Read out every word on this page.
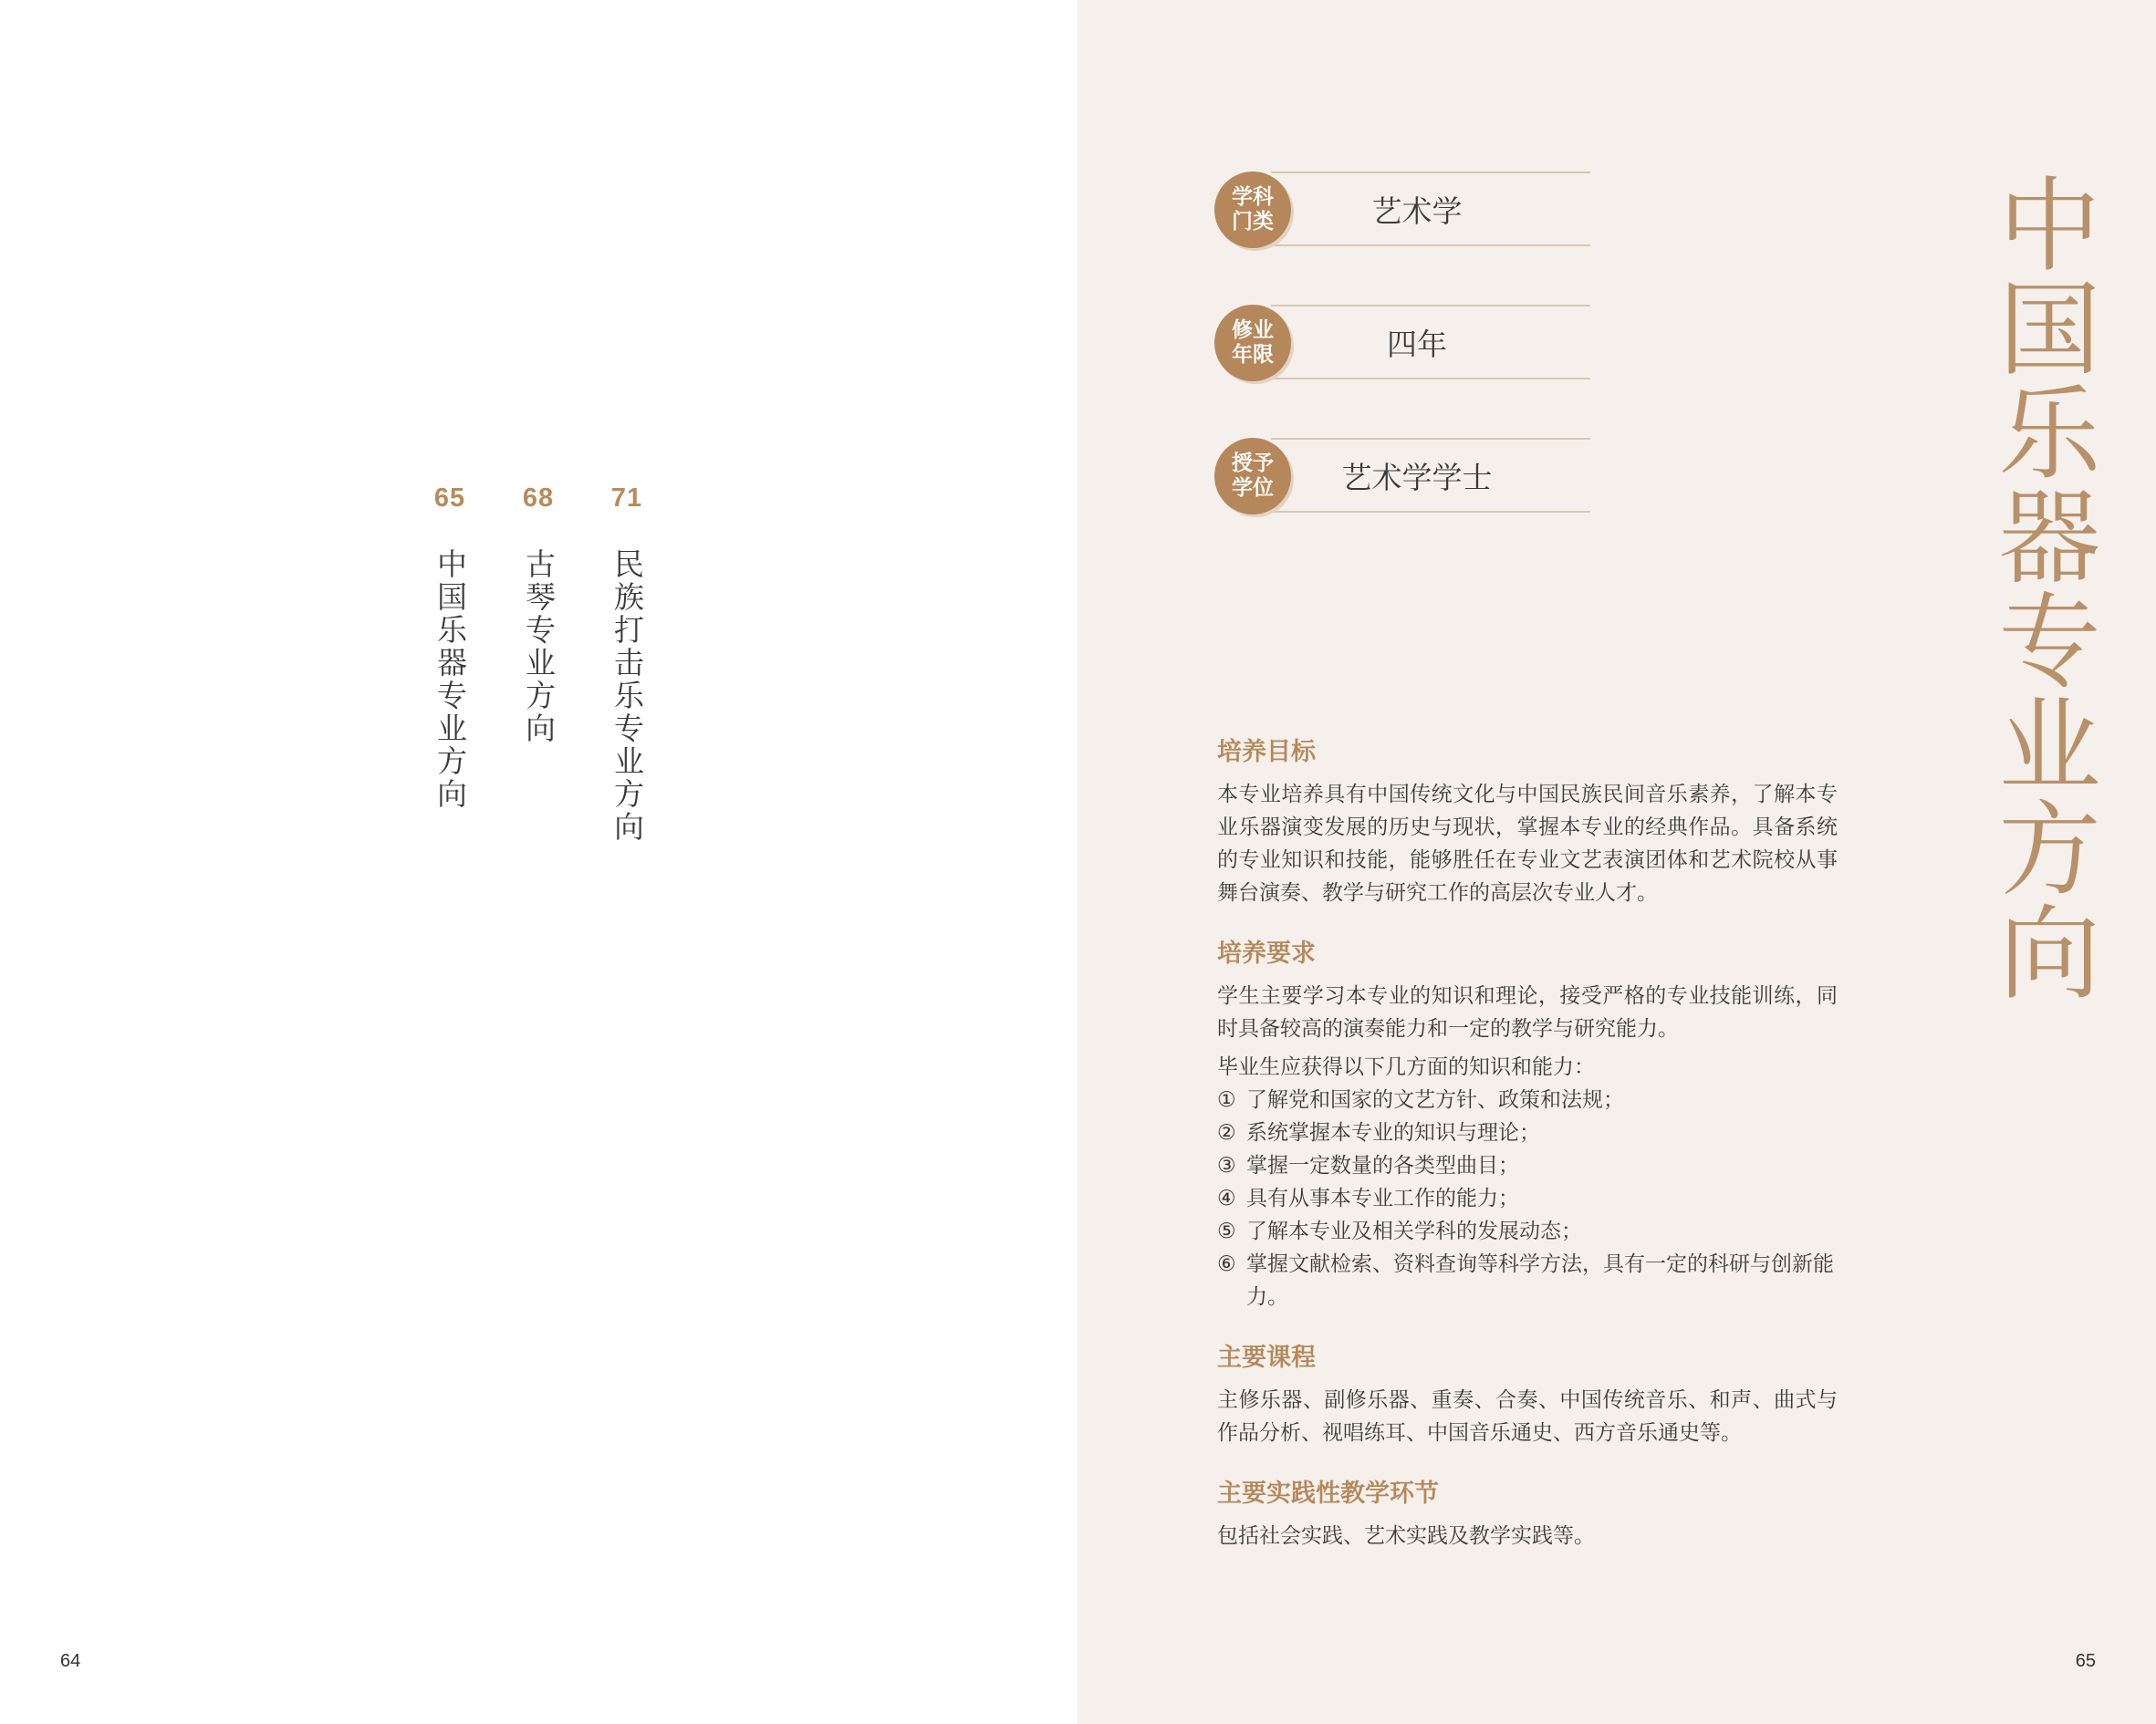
65
中国乐器专业方向
68
古琴专业方向
71
民族打击乐专业方向
64
学科门类	艺术学
修业年限	四年
授予学位	艺术学学士	中国乐器专业方向
培养目标

本专业培养具有中国传统文化与中国民族民间音乐素养，了解本专业乐器演变发展的历史与现状，掌握本专业的经典作品。具备系统的专业知识和技能，能够胜任在专业文艺表演团体和艺术院校从事舞台演奏、教学与研究工作的高层次专业人才。

培养要求

学生主要学习本专业的知识和理论，接受严格的专业技能训练，同时具备较高的演奏能力和一定的教学与研究能力。

毕业生应获得以下几方面的知识和能力：

① 了解党和国家的文艺方针、政策和法规；
② 系统掌握本专业的知识与理论；
③ 掌握一定数量的各类型曲目；
④ 具有从事本专业工作的能力；
⑤ 了解本专业及相关学科的发展动态；
⑥ 掌握文献检索、资料查询等科学方法，具有一定的科研与创新能力。
主要课程

主修乐器、副修乐器、重奏、合奏、中国传统音乐、和声、曲式与作品分析、视唱练耳、中国音乐通史、西方音乐通史等。

主要实践性教学环节

包括社会实践、艺术实践及教学实践等。

65
